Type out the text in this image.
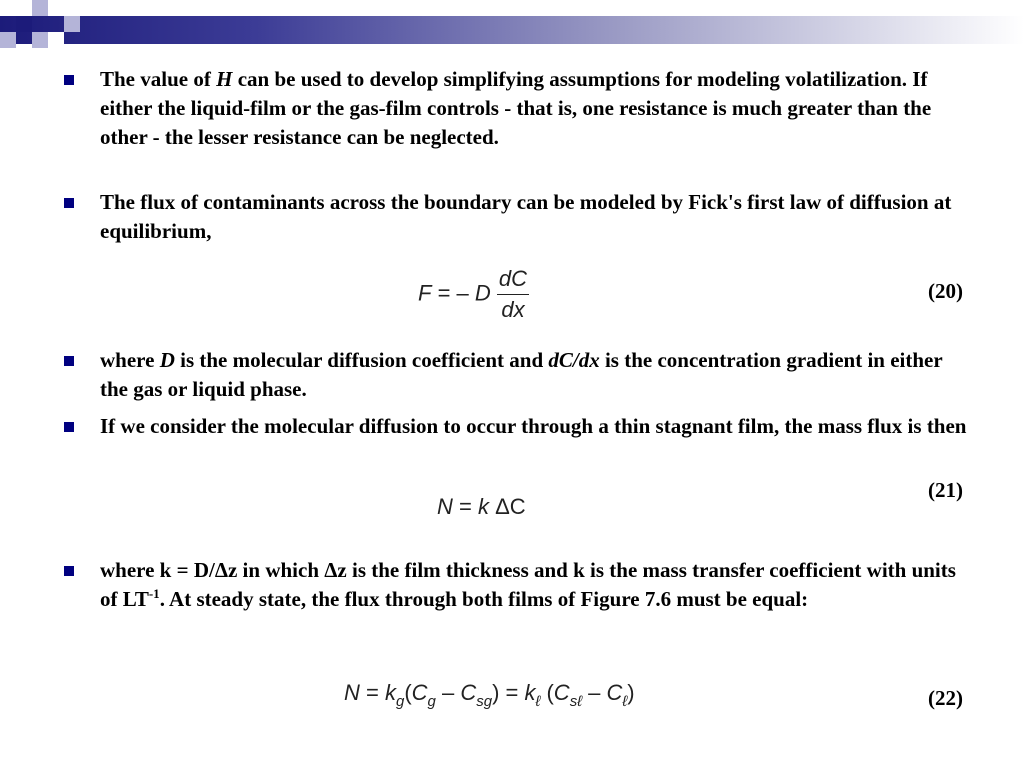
The value of H can be used to develop simplifying assumptions for modeling volatilization. If either the liquid-film or the gas-film controls - that is, one resistance is much greater than the other - the lesser resistance can be neglected.
The flux of contaminants across the boundary can be modeled by Fick's first law of diffusion at equilibrium,
F = – D $\frac{dC}{dx}$	(20)
where D is the molecular diffusion coefficient and dC/dx is the concentration gradient in either the gas or liquid phase.
If we consider the molecular diffusion to occur through a thin stagnant film, the mass flux is then
(21)
N = k ΔC
where k = D/Δz in which Δz is the film thickness and k is the mass transfer coefficient with units of $LT^{-1}$. At steady state, the flux through both films of Figure 7.6 must be equal:
$N = k_g(C_g - C_{sg}) = k_\ell$ $(C_{s\ell} - C_\ell)$	(22)
